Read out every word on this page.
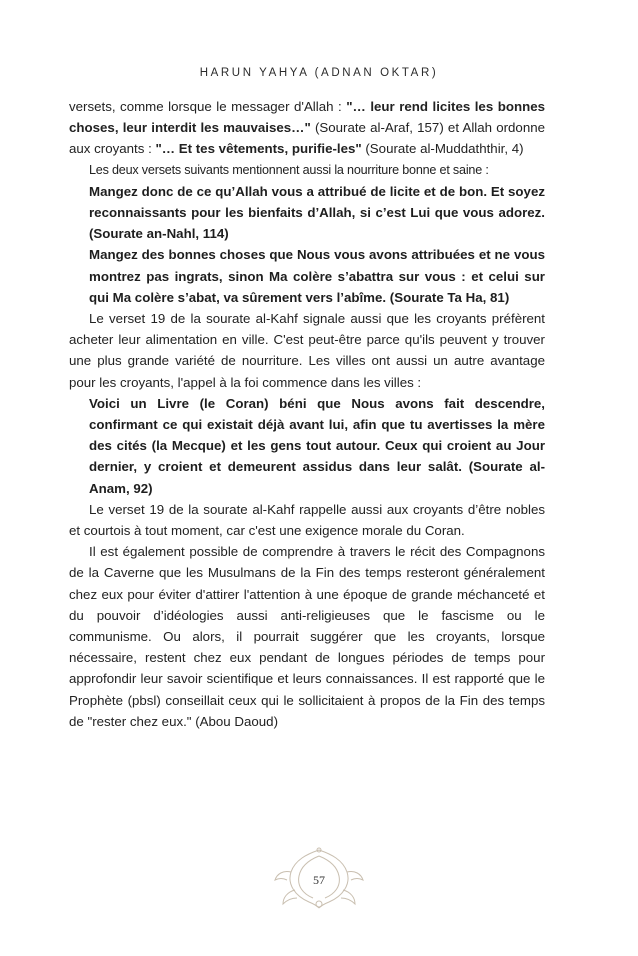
HARUN YAHYA (ADNAN OKTAR)

versets, comme lorsque le messager d'Allah : "… leur rend licites les bonnes choses, leur interdit les mauvaises…" (Sourate al-Araf, 157) et Allah ordonne aux croyants : "… Et tes vêtements, purifie-les" (Sourate al-Muddaththir, 4)

Les deux versets suivants mentionnent aussi la nourriture bonne et saine :

Mangez donc de ce qu’Allah vous a attribué de licite et de bon. Et soyez reconnaissants pour les bienfaits d’Allah, si c’est Lui que vous adorez. (Sourate an-Nahl, 114)

Mangez des bonnes choses que Nous vous avons attribuées et ne vous montrez pas ingrats, sinon Ma colère s’abattra sur vous : et celui sur qui Ma colère s’abat, va sûrement vers l’abîme. (Sourate Ta Ha, 81)

Le verset 19 de la sourate al-Kahf signale aussi que les croyants préfèrent acheter leur alimentation en ville. C'est peut-être parce qu'ils peuvent y trouver une plus grande variété de nourriture. Les villes ont aussi un autre avantage pour les croyants, l'appel à la foi commence dans les villes :

Voici un Livre (le Coran) béni que Nous avons fait descendre, confirmant ce qui existait déjà avant lui, afin que tu avertisses la mère des cités (la Mecque) et les gens tout autour. Ceux qui croient au Jour dernier, y croient et demeurent assidus dans leur salât. (Sourate al-Anam, 92)

Le verset 19 de la sourate al-Kahf rappelle aussi aux croyants d’être nobles et courtois à tout moment, car c'est une exigence morale du Coran.

Il est également possible de comprendre à travers le récit des Compagnons de la Caverne que les Musulmans de la Fin des temps resteront généralement chez eux pour éviter d'attirer l'attention à une époque de grande méchanceté et du pouvoir d’idéologies aussi anti-religieuses que le fascisme ou le communisme. Ou alors, il pourrait suggérer que les croyants, lorsque nécessaire, restent chez eux pendant de longues périodes de temps pour approfondir leur savoir scientifique et leurs connaissances. Il est rapporté que le Prophète (pbsl) conseillait ceux qui le sollicitaient à propos de la Fin des temps de "rester chez eux." (Abou Daoud)

57
